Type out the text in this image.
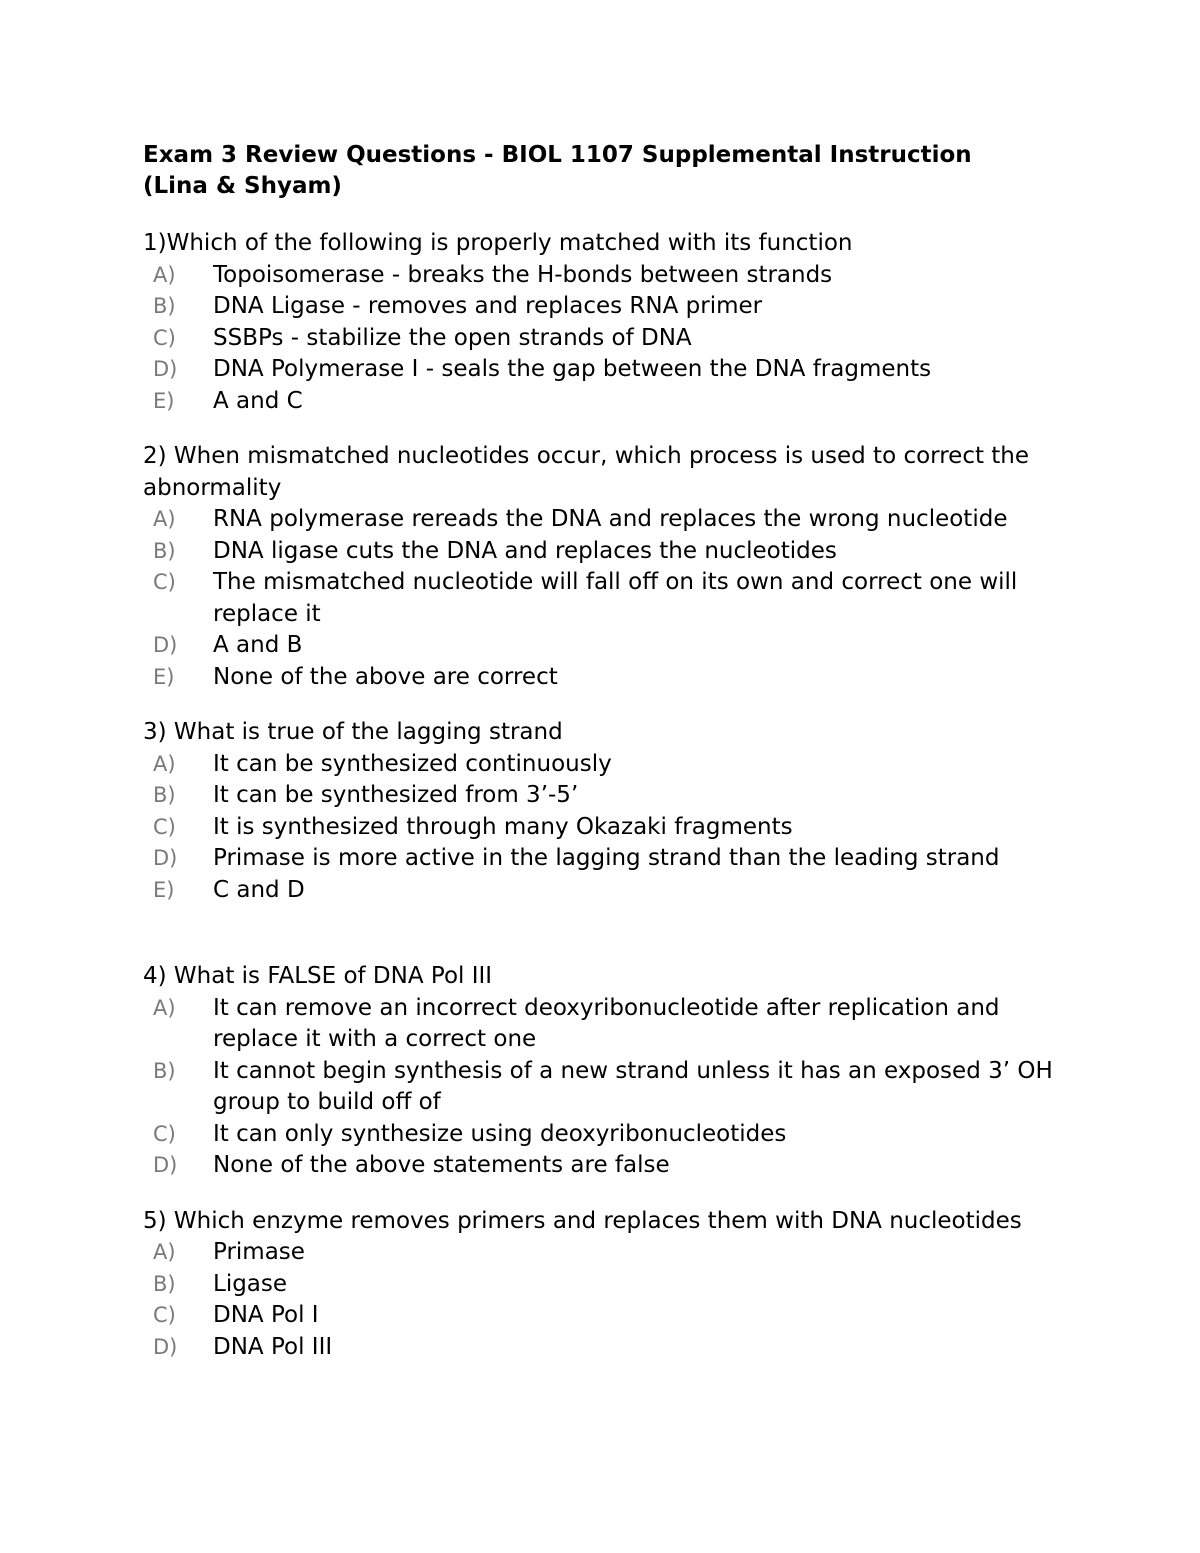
Exam 3 Review Questions - BIOL 1107 Supplemental Instruction
(Lina & Shyam)
1)Which of the following is properly matched with its function
A)	Topoisomerase - breaks the H-bonds between strands
B)	DNA Ligase - removes and replaces RNA primer
C)	SSBPs - stabilize the open strands of DNA
D)	DNA Polymerase I - seals the gap between the DNA fragments
E)	A and C
2) When mismatched nucleotides occur, which process is used to correct the abnormality
A)	RNA polymerase rereads the DNA and replaces the wrong nucleotide
B)	DNA ligase cuts the DNA and replaces the nucleotides
C)	The mismatched nucleotide will fall off on its own and correct one will replace it
D)	A and B
E)	None of the above are correct
3) What is true of the lagging strand
A)	It can be synthesized continuously
B)	It can be synthesized from 3’-5’
C)	It is synthesized through many Okazaki fragments
D)	Primase is more active in the lagging strand than the leading strand
E)	C and D
4) What is FALSE of DNA Pol III
A)	It can remove an incorrect deoxyribonucleotide after replication and replace it with a correct one
B)	It cannot begin synthesis of a new strand unless it has an exposed 3’ OH group to build off of
C)	It can only synthesize using deoxyribonucleotides
D)	None of the above statements are false
5) Which enzyme removes primers and replaces them with DNA nucleotides
A)	Primase
B)	Ligase
C)	DNA Pol I
D)	DNA Pol III
